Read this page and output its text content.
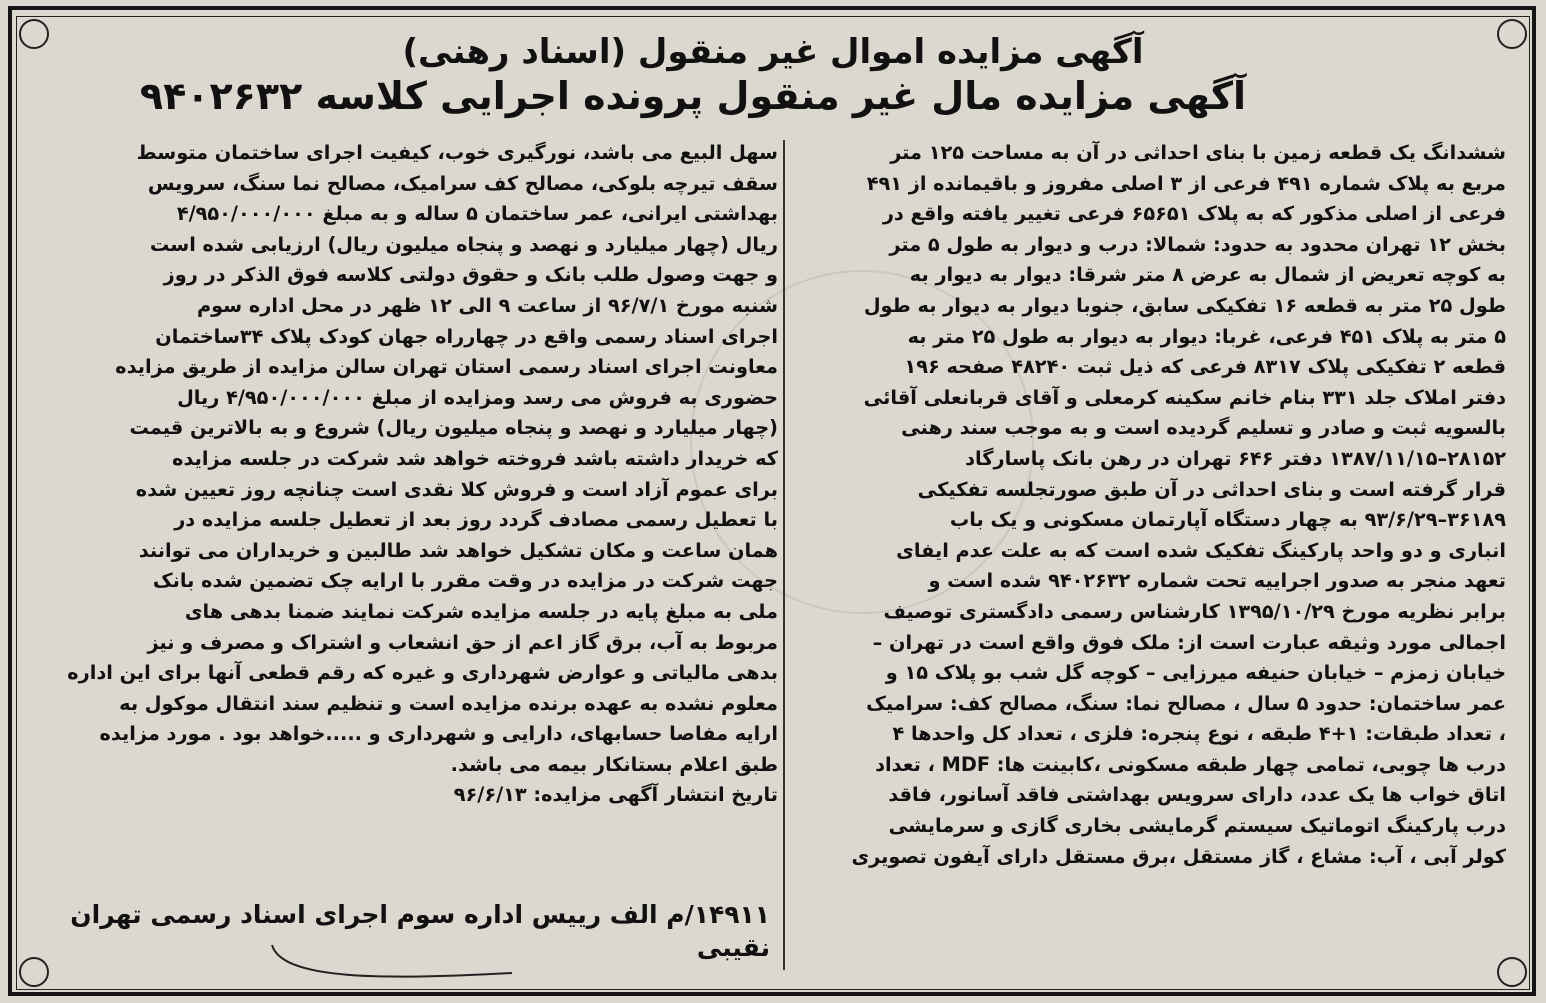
آگهی مزایده اموال غیر منقول (اسناد رهنی)
آگهی مزایده مال غیر منقول پرونده اجرایی کلاسه ۹۴۰۲۶۳۲
ششدانگ یک قطعه زمین با بنای احداثی در آن به مساحت ۱۲۵ متر
مربع به پلاک شماره ۴۹۱ فرعی از ۳ اصلی مفروز و باقیمانده از ۴۹۱
فرعی از اصلی مذکور که به پلاک ۶۵۶۵۱ فرعی تغییر یافته واقع در
بخش ۱۲ تهران محدود به حدود: شمالا: درب و دیوار به طول ۵ متر
به کوچه تعریض از شمال به عرض ۸ متر شرقا: دیوار به دیوار به
طول ۲۵ متر به قطعه ۱۶ تفکیکی سابق، جنوبا دیوار به دیوار به طول
۵ متر به پلاک ۴۵۱ فرعی، غربا: دیوار به دیوار به طول ۲۵ متر به
قطعه ۲ تفکیکی پلاک ۸۳۱۷ فرعی که ذیل ثبت ۴۸۲۴۰ صفحه ۱۹۶
دفتر املاک جلد ۳۳۱ بنام خانم سکینه کرمعلی و آقای قربانعلی آقائی
بالسویه ثبت و صادر و تسلیم گردیده است و به موجب سند رهنی
۲۸۱۵۲–۱۳۸۷/۱۱/۱۵ دفتر ۶۴۶ تهران در رهن بانک پاسارگاد
قرار گرفته است و بنای احداثی در آن طبق صورتجلسه تفکیکی
۳۶۱۸۹–۹۳/۶/۲۹ به چهار دستگاه آپارتمان مسکونی و یک باب
انباری و دو واحد پارکینگ تفکیک شده است که به علت عدم ایفای
تعهد منجر به صدور اجراییه تحت شماره ۹۴۰۲۶۳۲ شده است و
برابر نظریه مورخ ۱۳۹۵/۱۰/۲۹ کارشناس رسمی دادگستری توصیف
اجمالی مورد وثیقه عبارت است از: ملک فوق واقع است در تهران –
خیابان زمزم – خیابان حنیفه میرزایی – کوچه گل شب بو پلاک ۱۵ و
عمر ساختمان: حدود ۵ سال ، مصالح نما: سنگ، مصالح کف: سرامیک
، تعداد طبقات: ۱+۴ طبقه ، نوع پنجره: فلزی ، تعداد کل واحدها ۴
درب ها چوبی، تمامی چهار طبقه مسکونی ،کابینت ها: MDF ، تعداد
اتاق خواب ها یک عدد، دارای سرویس بهداشتی فاقد آسانور، فاقد
درب پارکینگ اتوماتیک سیستم گرمایشی بخاری گازی و سرمایشی
کولر آبی ، آب: مشاع ، گاز مستقل ،برق مستقل دارای آیفون تصویری
سهل البیع می باشد، نورگیری خوب، کیفیت اجرای ساختمان متوسط
سقف تیرچه بلوکی، مصالح کف سرامیک، مصالح نما سنگ، سرویس
بهداشتی ایرانی، عمر ساختمان ۵ ساله و به مبلغ ۴/۹۵۰/۰۰۰/۰۰۰
ریال (چهار میلیارد و نهصد و پنجاه میلیون ریال) ارزیابی شده است
و جهت وصول طلب بانک و حقوق دولتی کلاسه فوق الذکر در روز
شنبه مورخ ۹۶/۷/۱ از ساعت ۹ الی ۱۲ ظهر در محل اداره سوم
اجرای اسناد رسمی واقع در چهارراه جهان کودک پلاک ۳۴ساختمان
معاونت اجرای اسناد رسمی استان تهران سالن مزایده از طریق مزایده
حضوری به فروش می رسد ومزایده از مبلغ ۴/۹۵۰/۰۰۰/۰۰۰ ریال
(چهار میلیارد و نهصد و پنجاه میلیون ریال) شروع و به بالاترین قیمت
که خریدار داشته باشد فروخته خواهد شد شرکت در جلسه مزایده
برای عموم آزاد است و فروش کلا نقدی است چنانچه روز تعیین شده
با تعطیل رسمی مصادف گردد روز بعد از تعطیل جلسه مزایده در
همان ساعت و مکان تشکیل خواهد شد طالبین و خریداران می توانند
جهت شرکت در مزایده در وقت مقرر با ارایه چک تضمین شده بانک
ملی به مبلغ پایه در جلسه مزایده شرکت نمایند ضمنا بدهی های
مربوط به آب، برق گاز اعم از حق انشعاب و اشتراک و مصرف و نیز
بدهی مالیاتی و عوارض شهرداری و غیره که رقم قطعی آنها برای این اداره
معلوم نشده به عهده برنده مزایده است و تنظیم سند انتقال موکول به
ارایه مفاصا حسابهای، دارایی و شهرداری و .....خواهد بود . مورد مزایده
طبق اعلام بستانکار بیمه می باشد.
تاریخ انتشار آگهی مزایده: ۹۶/۶/۱۳
۱۴۹۱۱/م الف رییس اداره سوم اجرای اسناد رسمی تهران
نقیبی
